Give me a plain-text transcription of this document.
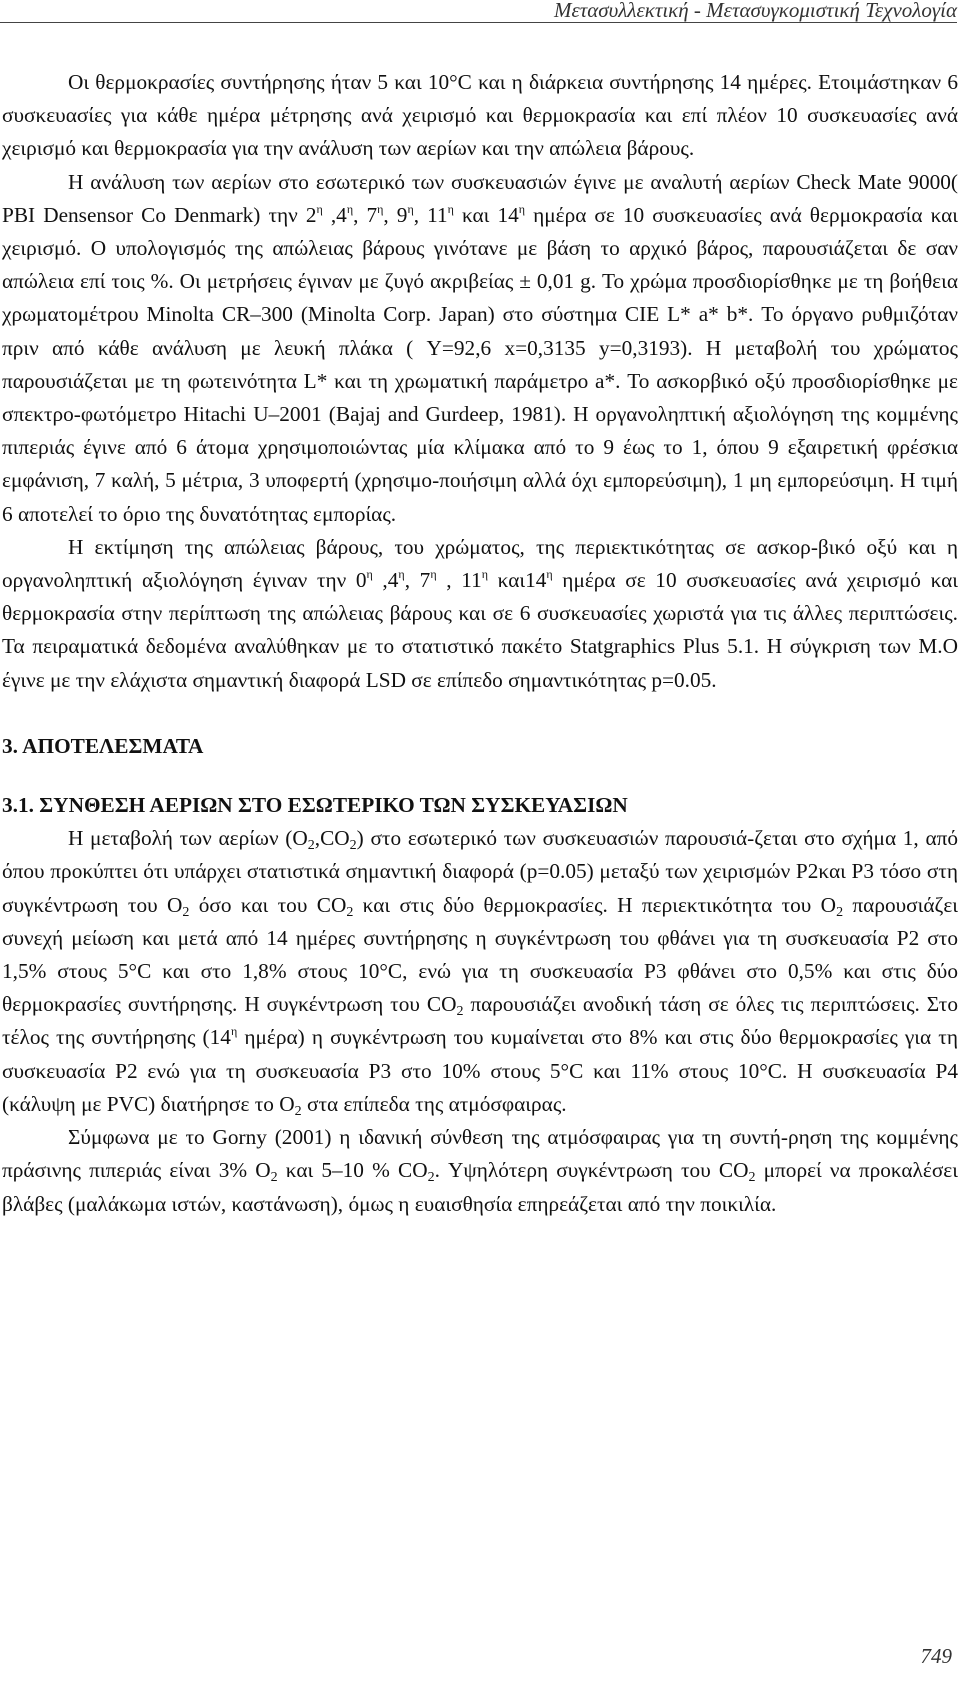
Μετασυλλεκτική - Μετασυγκομιστική Τεχνολογία

Οι θερμοκρασίες συντήρησης ήταν 5 και 10°C και η διάρκεια συντήρησης 14 ημέρες. Ετοιμάστηκαν 6 συσκευασίες για κάθε ημέρα μέτρησης ανά χειρισμό και θερμοκρασία και επί πλέον 10 συσκευασίες ανά χειρισμό και θερμοκρασία για την ανάλυση των αερίων και την απώλεια βάρους.

Η ανάλυση των αερίων στο εσωτερικό των συσκευασιών έγινε με αναλυτή αερίων Check Mate 9000( PBI Densensor Co Denmark) την $2^\eta$ $,4^\eta$, $7^\eta$, $9^\eta$, $11^\eta$ και $14^\eta$ ημέρα σε 10 συσκευασίες ανά θερμοκρασία και χειρισμό. Ο υπολογισμός της απώλειας βάρους γινότανε με βάση το αρχικό βάρος, παρουσιάζεται δε σαν απώλεια επί τοις %. Οι μετρήσεις έγιναν με ζυγό ακριβείας ± 0,01 g. Το χρώμα προσδιορίσθηκε με τη βοήθεια χρωματομέτρου Minolta CR–300 (Minolta Corp. Japan) στο σύστημα CIE L* a* b*. Το όργανο ρυθμιζόταν πριν από κάθε ανάλυση με λευκή πλάκα ( Y=92,6 x=0,3135 y=0,3193). Η μεταβολή του χρώματος παρουσιάζεται με τη φωτεινότητα L* και τη χρωματική παράμετρο a*. Το ασκορβικό οξύ προσδιορίσθηκε με σπεκτρο-φωτόμετρο Hitachi U–2001 (Bajaj and Gurdeep, 1981). Η οργανοληπτική αξιολόγηση της κομμένης πιπεριάς έγινε από 6 άτομα χρησιμοποιώντας μία κλίμακα από το 9 έως το 1, όπου 9 εξαιρετική φρέσκια εμφάνιση, 7 καλή, 5 μέτρια, 3 υποφερτή (χρησιμο-ποιήσιμη αλλά όχι εμπορεύσιμη), 1 μη εμπορεύσιμη. Η τιμή 6 αποτελεί το όριο της δυνατότητας εμπορίας.

Η εκτίμηση της απώλειας βάρους, του χρώματος, της περιεκτικότητας σε ασκορ-βικό οξύ και η οργανοληπτική αξιολόγηση έγιναν την $0^\eta$ $,4^\eta$, $7^\eta$ , $11^\eta$ $\kappa\alpha\iota 14^\eta$ ημέρα σε 10 συσκευασίες ανά χειρισμό και θερμοκρασία στην περίπτωση της απώλειας βάρους και σε 6 συσκευασίες χωριστά για τις άλλες περιπτώσεις. Τα πειραματικά δεδομένα αναλύθηκαν με το στατιστικό πακέτο Statgraphics Plus 5.1. Η σύγκριση των Μ.Ο έγινε με την ελάχιστα σημαντική διαφορά LSD σε επίπεδο σημαντικότητας p=0.05.

3. ΑΠΟΤΕΛΕΣΜΑΤΑ
3.1. ΣΥΝΘΕΣΗ ΑΕΡΙΩΝ ΣΤΟ ΕΣΩΤΕΡΙΚΟ ΤΩΝ ΣΥΣΚΕΥΑΣΙΩΝ

Η μεταβολή των αερίων $(O_2,CO_2)$ στο εσωτερικό των συσκευασιών παρουσιά-ζεται στο σχήμα 1, από όπου προκύπτει ότι υπάρχει στατιστικά σημαντική διαφορά (p=0.05) μεταξύ των χειρισμών P2και P3 τόσο στη συγκέντρωση του $O_2$ όσο και του $CO_2$ και στις δύο θερμοκρασίες. Η περιεκτικότητα του $O_2$ παρουσιάζει συνεχή μείωση και μετά από 14 ημέρες συντήρησης η συγκέντρωση του φθάνει για τη συσκευασία P2 στο 1,5% στους 5°C και στο 1,8% στους 10°C, ενώ για τη συσκευασία P3 φθάνει στο 0,5% και στις δύο θερμοκρασίες συντήρησης. Η συγκέντρωση του $CO_2$ παρουσιάζει ανοδική τάση σε όλες τις περιπτώσεις. Στο τέλος της συντήρησης ($14^\eta$ ημέρα) η συγκέντρωση του κυμαίνεται στο 8% και στις δύο θερμοκρασίες για τη συσκευασία P2 ενώ για τη συσκευασία P3 στο 10% στους 5°C και 11% στους 10°C. Η συσκευασία P4 (κάλυψη με PVC) διατήρησε το $O_2$ στα επίπεδα της ατμόσφαιρας.

Σύμφωνα με το Gorny (2001) η ιδανική σύνθεση της ατμόσφαιρας για τη συντή-ρηση της κομμένης πράσινης πιπεριάς είναι 3% $O_2$ και 5–10 % $CO_2$. Υψηλότερη συγκέντρωση του $CO_2$ μπορεί να προκαλέσει βλάβες (μαλάκωμα ιστών, καστάνωση), όμως η ευαισθησία επηρεάζεται από την ποικιλία.

749
